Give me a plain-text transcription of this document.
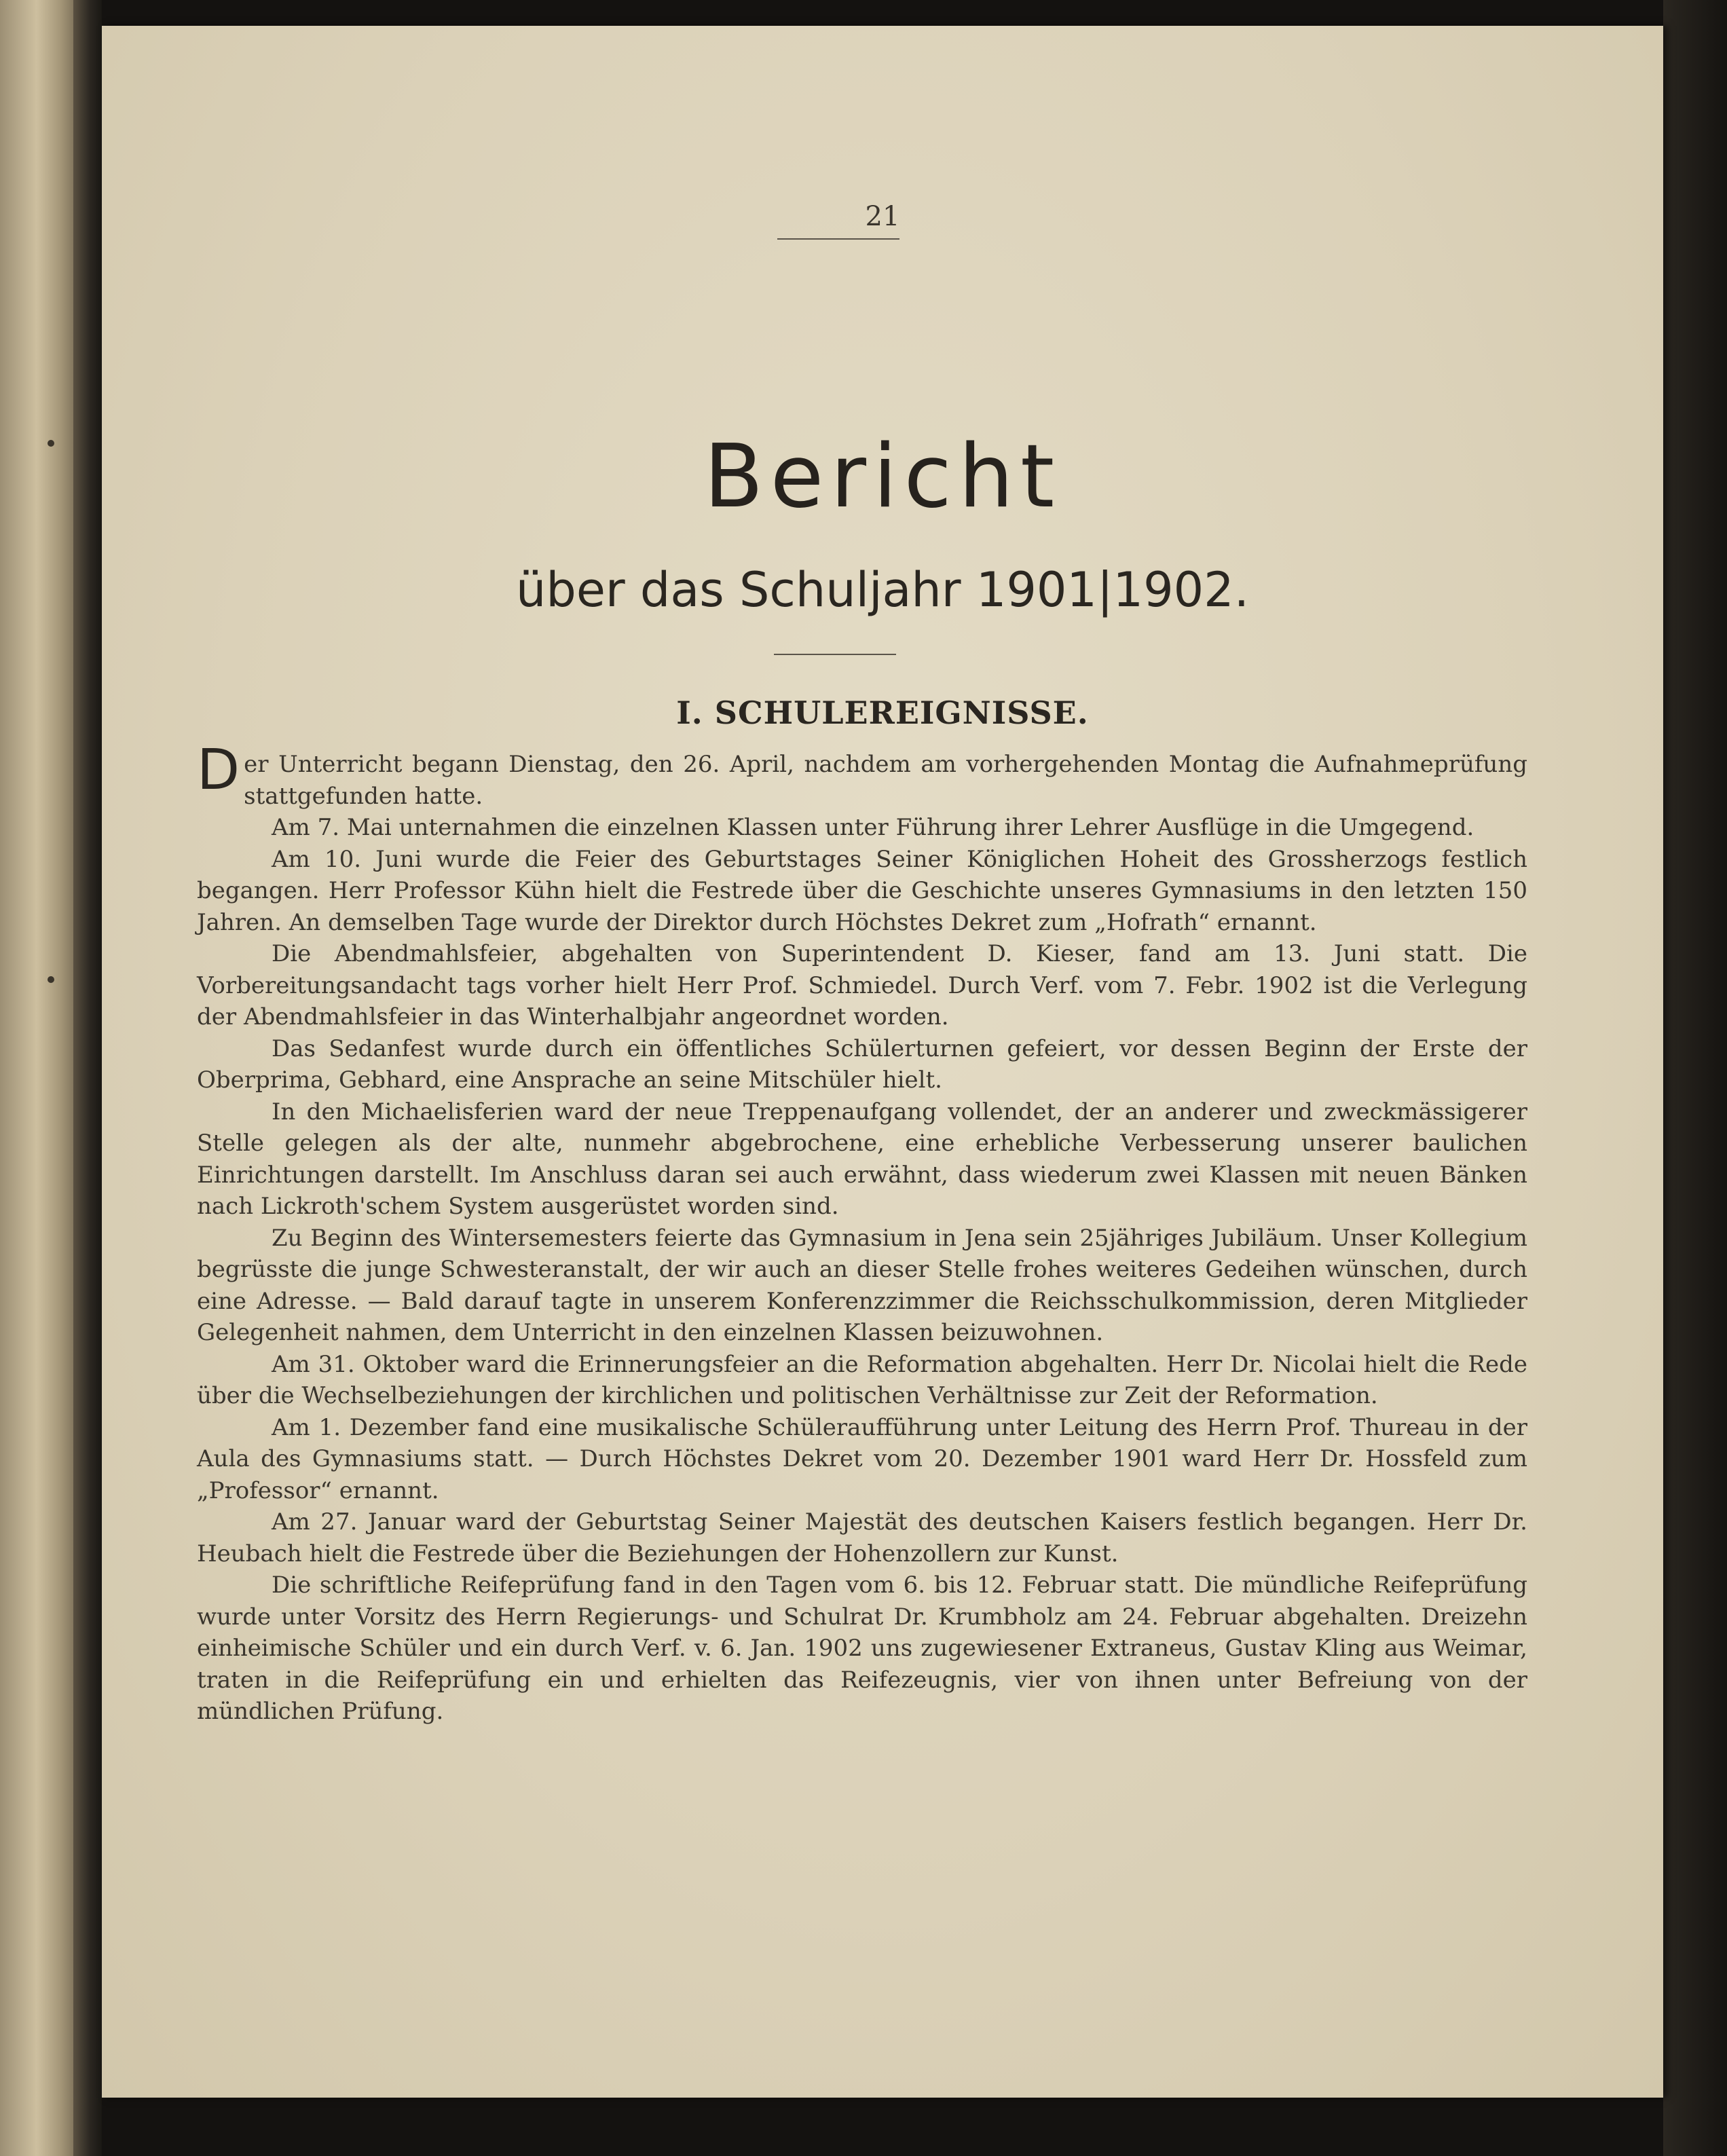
21
Bericht
über das Schuljahr 1901|1902.
I. SCHULEREIGNISSE.

Der Unterricht begann Dienstag, den 26. April, nachdem am vorhergehenden Montag die Aufnahmeprüfung stattgefunden hatte.

Am 7. Mai unternahmen die einzelnen Klassen unter Führung ihrer Lehrer Ausflüge in die Umgegend.

Am 10. Juni wurde die Feier des Geburtstages Seiner Königlichen Hoheit des Grossherzogs festlich begangen. Herr Professor Kühn hielt die Festrede über die Geschichte unseres Gymnasiums in den letzten 150 Jahren. An demselben Tage wurde der Direktor durch Höchstes Dekret zum „Hofrath“ ernannt.

Die Abendmahlsfeier, abgehalten von Superintendent D. Kieser, fand am 13. Juni statt. Die Vorbereitungsandacht tags vorher hielt Herr Prof. Schmiedel. Durch Verf. vom 7. Febr. 1902 ist die Verlegung der Abendmahlsfeier in das Winterhalbjahr angeordnet worden.

Das Sedanfest wurde durch ein öffentliches Schülerturnen gefeiert, vor dessen Beginn der Erste der Oberprima, Gebhard, eine Ansprache an seine Mitschüler hielt.

In den Michaelisferien ward der neue Treppenaufgang vollendet, der an anderer und zweckmässigerer Stelle gelegen als der alte, nunmehr abgebrochene, eine erhebliche Verbesserung unserer baulichen Einrichtungen darstellt. Im Anschluss daran sei auch erwähnt, dass wiederum zwei Klassen mit neuen Bänken nach Lickroth'schem System ausgerüstet worden sind.

Zu Beginn des Wintersemesters feierte das Gymnasium in Jena sein 25jähriges Jubiläum. Unser Kollegium begrüsste die junge Schwesteranstalt, der wir auch an dieser Stelle frohes weiteres Gedeihen wünschen, durch eine Adresse. — Bald darauf tagte in unserem Konferenzzimmer die Reichsschulkommission, deren Mitglieder Gelegenheit nahmen, dem Unterricht in den einzelnen Klassen beizuwohnen.

Am 31. Oktober ward die Erinnerungsfeier an die Reformation abgehalten. Herr Dr. Nicolai hielt die Rede über die Wechselbeziehungen der kirchlichen und politischen Verhältnisse zur Zeit der Reformation.

Am 1. Dezember fand eine musikalische Schüleraufführung unter Leitung des Herrn Prof. Thureau in der Aula des Gymnasiums statt. — Durch Höchstes Dekret vom 20. Dezember 1901 ward Herr Dr. Hossfeld zum „Professor“ ernannt.

Am 27. Januar ward der Geburtstag Seiner Majestät des deutschen Kaisers festlich begangen. Herr Dr. Heubach hielt die Festrede über die Beziehungen der Hohenzollern zur Kunst.

Die schriftliche Reifeprüfung fand in den Tagen vom 6. bis 12. Februar statt. Die mündliche Reifeprüfung wurde unter Vorsitz des Herrn Regierungs- und Schulrat Dr. Krumbholz am 24. Februar abgehalten. Dreizehn einheimische Schüler und ein durch Verf. v. 6. Jan. 1902 uns zugewiesener Extraneus, Gustav Kling aus Weimar, traten in die Reifeprüfung ein und erhielten das Reifezeugnis, vier von ihnen unter Befreiung von der mündlichen Prüfung.
